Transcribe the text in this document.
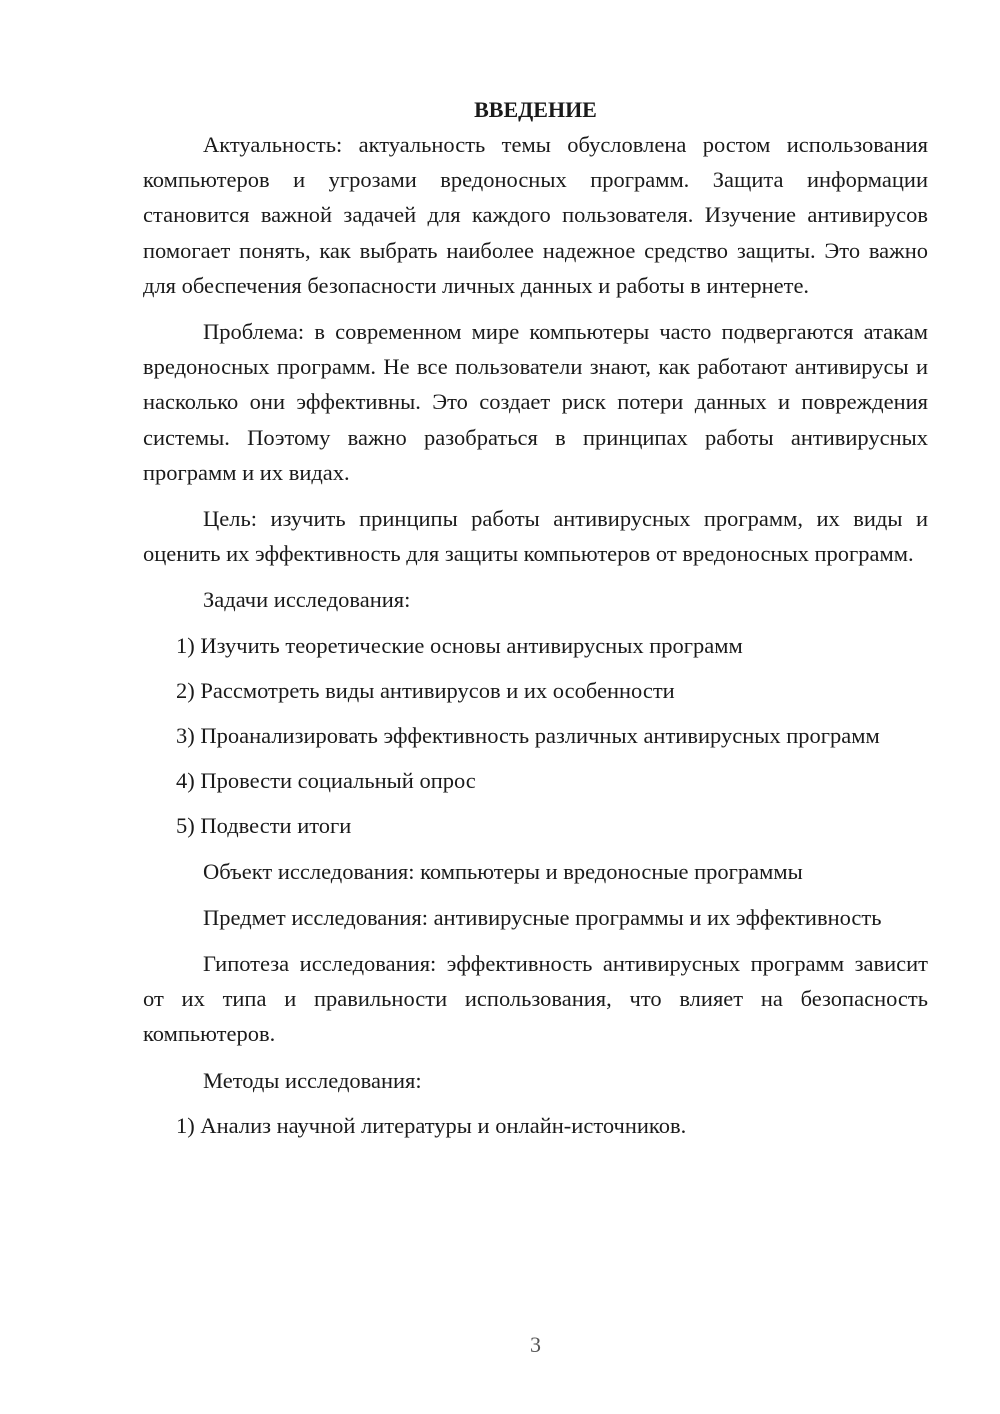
ВВЕДЕНИЕ

Актуальность: актуальность темы обусловлена ростом использования компьютеров и угрозами вредоносных программ. Защита информации становится важной задачей для каждого пользователя. Изучение антивирусов помогает понять, как выбрать наиболее надежное средство защиты. Это важно для обеспечения безопасности личных данных и работы в интернете.

Проблема: в современном мире компьютеры часто подвергаются атакам вредоносных программ. Не все пользователи знают, как работают антивирусы и насколько они эффективны. Это создает риск потери данных и повреждения системы. Поэтому важно разобраться в принципах работы антивирусных программ и их видах.

Цель: изучить принципы работы антивирусных программ, их виды и оценить их эффективность для защиты компьютеров от вредоносных программ.

Задачи исследования:

1) Изучить теоретические основы антивирусных программ

2) Рассмотреть виды антивирусов и их особенности

3) Проанализировать эффективность различных антивирусных программ

4) Провести социальный опрос

5) Подвести итоги

Объект исследования: компьютеры и вредоносные программы

Предмет исследования: антивирусные программы и их эффективность

Гипотеза исследования: эффективность антивирусных программ зависит от их типа и правильности использования, что влияет на безопасность компьютеров.

Методы исследования:

1) Анализ научной литературы и онлайн-источников.

3
